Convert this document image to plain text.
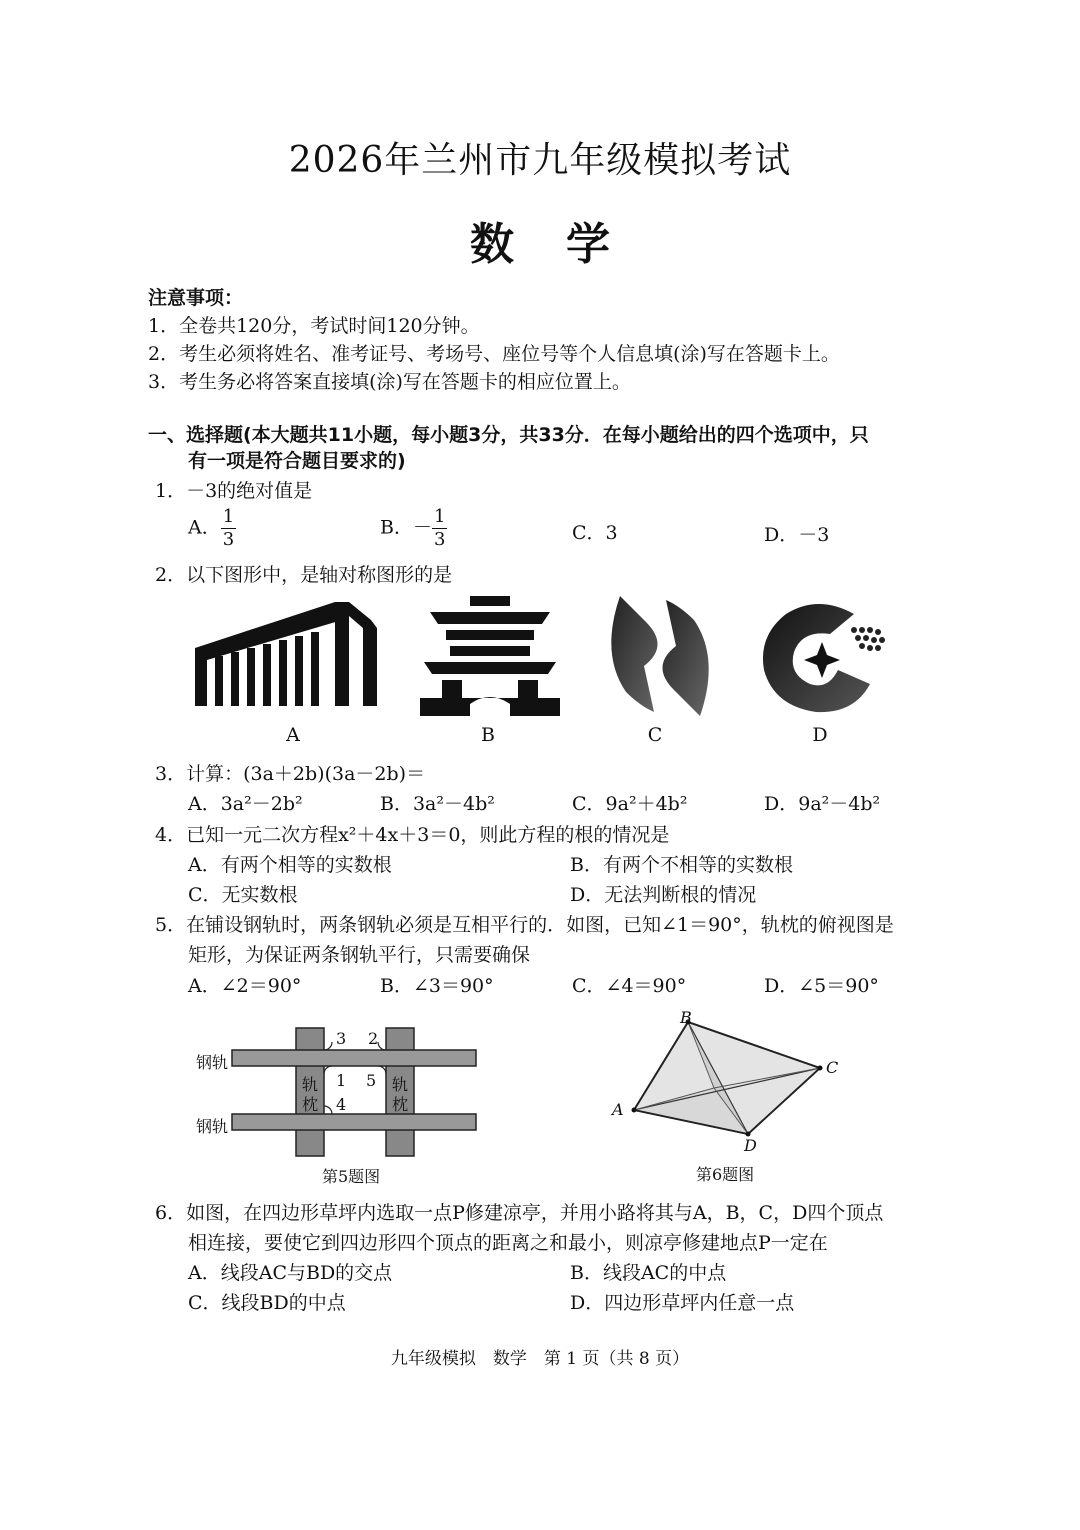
2026年兰州市九年级模拟考试
数学
注意事项：
1．全卷共120分，考试时间120分钟。
2．考生必须将姓名、准考证号、考场号、座位号等个人信息填(涂)写在答题卡上。
3．考生务必将答案直接填(涂)写在答题卡的相应位置上。
一、选择题(本大题共11小题，每小题3分，共33分．在每小题给出的四个选项中，只
有一项是符合题目要求的)
1．－3的绝对值是
A． $\frac{1}{3}$	B．－ $\frac{1}{3}$	C．3	D．－3
2．以下图形中，是轴对称图形的是
A	B	C	D
3．计算：(3a＋2b)(3a－2b)＝
A．3a²－2b²	B．3a²－4b²	C．9a²＋4b²	D．9a²－4b²
4．已知一元二次方程x²＋4x＋3＝0，则此方程的根的情况是
A．有两个相等的实数根	B．有两个不相等的实数根
C．无实数根	D．无法判断根的情况
5．在铺设钢轨时，两条钢轨必须是互相平行的．如图，已知∠1＝90°，轨枕的俯视图是
矩形，为保证两条钢轨平行，只需要确保
A．∠2＝90°	B．∠3＝90°	C．∠4＝90°	D．∠5＝90°
钢轨
钢轨
轨
枕
轨
枕
1
2
3
4
5
第5题图
A
B
C
D
第6题图
6．如图，在四边形草坪内选取一点P修建凉亭，并用小路将其与A，B，C，D四个顶点
相连接，要使它到四边形四个顶点的距离之和最小，则凉亭修建地点P一定在
A．线段AC与BD的交点	B．线段AC的中点
C．线段BD的中点	D．四边形草坪内任意一点
九年级模拟　数学　第 1 页（共 8 页）
